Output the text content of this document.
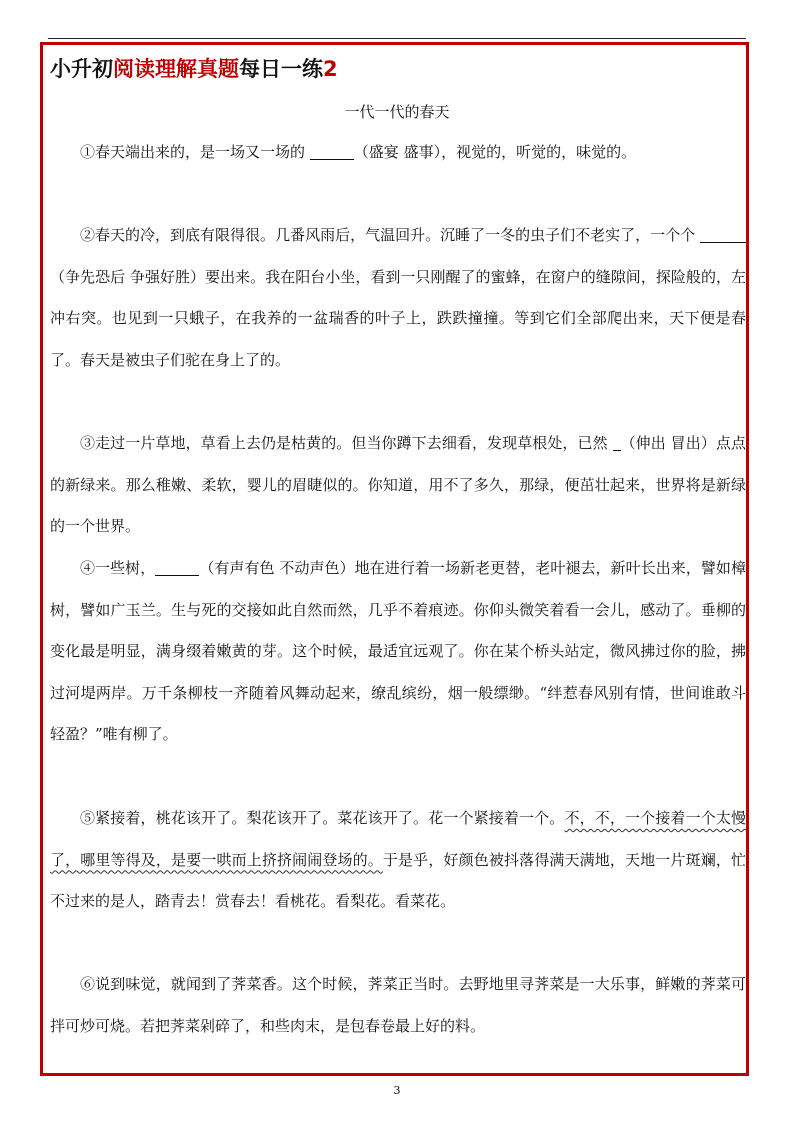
小升初阅读理解真题每日一练2
一代一代的春天

①春天端出来的，是一场又一场的	（盛宴 盛事），视觉的，听觉的，味觉的。

②春天的冷，到底有限得很。几番风雨后，气温回升。沉睡了一冬的虫子们不老实了，一个个 （争先恐后 争强好胜）要出来。我在阳台小坐，看到一只刚醒了的蜜蜂，在窗户的缝隙间，探险般的，左冲右突。也见到一只蛾子，在我养的一盆瑞香的叶子上，跌跌撞撞。等到它们全部爬出来，天下便是春了。春天是被虫子们驼在身上了的。

③走过一片草地，草看上去仍是枯黄的。但当你蹲下去细看，发现草根处，已然 （伸出 冒出）点点的新绿来。那么稚嫩、柔软，婴儿的眉睫似的。你知道，用不了多久，那绿，便茁壮起来，世界将是新绿的一个世界。

④一些树，	（有声有色 不动声色）地在进行着一场新老更替，老叶褪去，新叶长出来，譬如樟树，譬如广玉兰。生与死的交接如此自然而然，几乎不着痕迹。你仰头微笑着看一会儿，感动了。垂柳的变化最是明显，满身缀着嫩黄的芽。这个时候，最适宜远观了。你在某个桥头站定，微风拂过你的脸，拂过河堤两岸。万千条柳枝一齐随着风舞动起来，缭乱缤纷，烟一般缥缈。“绊惹春风别有情，世间谁敢斗轻盈？”唯有柳了。

⑤紧接着，桃花该开了。梨花该开了。菜花该开了。花一个紧接着一个。不，不，一个接着一个太慢了，哪里等得及，是要一哄而上挤挤闹闹登场的。于是乎，好颜色被抖落得满天满地，天地一片斑斓，忙不过来的是人，踏青去！赏春去！看桃花。看梨花。看菜花。

⑥说到味觉，就闻到了荠菜香。这个时候，荠菜正当时。去野地里寻荠菜是一大乐事，鲜嫩的荠菜可拌可炒可烧。若把荠菜剁碎了，和些肉末，是包春卷最上好的料。

3
